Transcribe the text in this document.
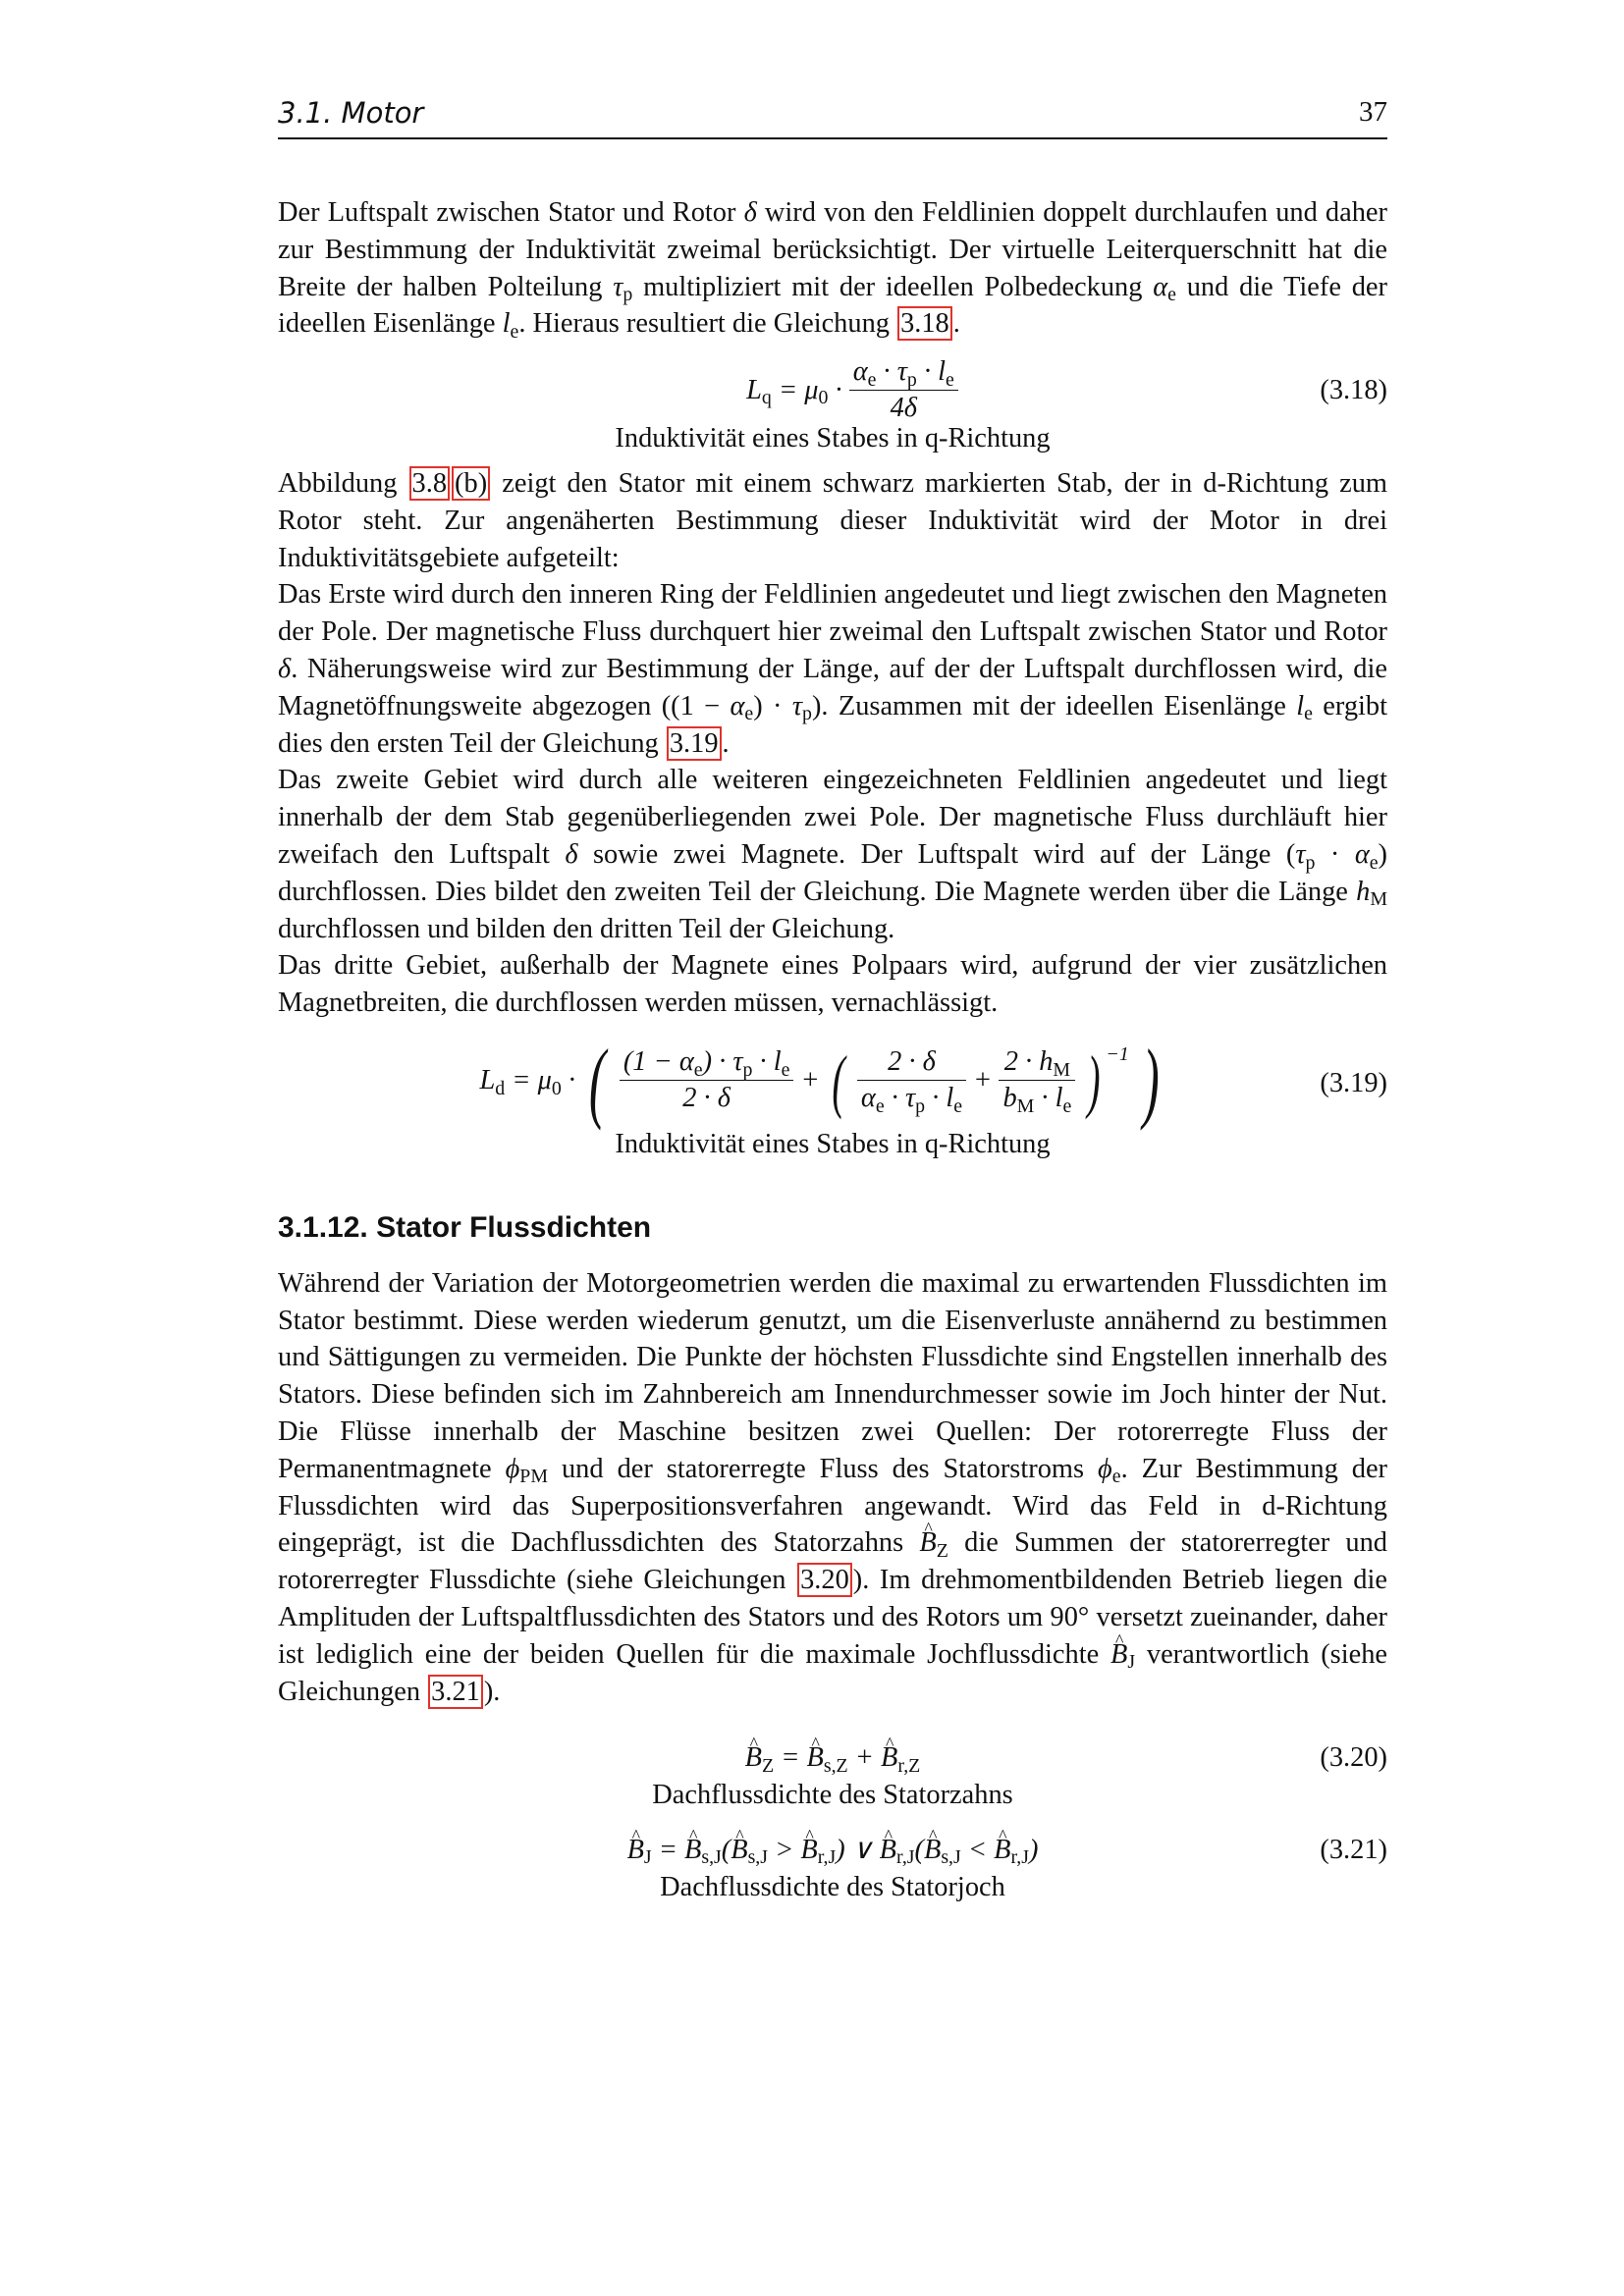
3.1. Motor	37

Der Luftspalt zwischen Stator und Rotor δ wird von den Feldlinien doppelt durchlaufen und daher zur Bestimmung der Induktivität zweimal berücksichtigt. Der virtuelle Leiterquerschnitt hat die Breite der halben Polteilung $\tau_p$ multipliziert mit der ideellen Polbedeckung $\alpha_e$ und die Tiefe der ideellen Eisenlänge $l_e$. Hieraus resultiert die Gleichung 3.18 .

$L_q = \mu_0 \cdot \frac{\alpha_e \cdot \tau_p \cdot l_e}{4\delta}$	(3.18)
Induktivität eines Stabes in q-Richtung

Abbildung 3.8 (b) zeigt den Stator mit einem schwarz markierten Stab, der in d-Richtung zum Rotor steht. Zur angenäherten Bestimmung dieser Induktivität wird der Motor in drei Induktivitätsgebiete aufgeteilt:

Das Erste wird durch den inneren Ring der Feldlinien angedeutet und liegt zwischen den Magneten der Pole. Der magnetische Fluss durchquert hier zweimal den Luftspalt zwischen Stator und Rotor δ. Näherungsweise wird zur Bestimmung der Länge, auf der der Luftspalt durchflossen wird, die Magnetöffnungsweite abgezogen $((1 - \alpha_e) \cdot \tau_p)$. Zusammen mit der ideellen Eisenlänge $l_e$ ergibt dies den ersten Teil der Gleichung 3.19 .

Das zweite Gebiet wird durch alle weiteren eingezeichneten Feldlinien angedeutet und liegt innerhalb der dem Stab gegenüberliegenden zwei Pole. Der magnetische Fluss durchläuft hier zweifach den Luftspalt δ sowie zwei Magnete. Der Luftspalt wird auf der Länge $(\tau_p \cdot \alpha_e)$ durchflossen. Dies bildet den zweiten Teil der Gleichung. Die Magnete werden über die Länge $h_M$ durchflossen und bilden den dritten Teil der Gleichung.

Das dritte Gebiet, außerhalb der Magnete eines Polpaars wird, aufgrund der vier zusätzlichen Magnetbreiten, die durchflossen werden müssen, vernachlässigt.

$L_d = \mu_0$ · ( $\frac{(1 - \alpha_e) \cdot \tau_p \cdot l_e}{2 \cdot \delta}$ + ( $\frac{2 \cdot \delta}{\alpha_e \cdot \tau_p \cdot l_e} + \frac{2 \cdot h_M}{b_M \cdot l_e}$ ) $^{-1}$ )	(3.19)
Induktivität eines Stabes in q-Richtung
3.1.12. Stator Flussdichten

Während der Variation der Motorgeometrien werden die maximal zu erwartenden Flussdichten im Stator bestimmt. Diese werden wiederum genutzt, um die Eisenverluste annähernd zu bestimmen und Sättigungen zu vermeiden. Die Punkte der höchsten Flussdichte sind Engstellen innerhalb des Stators. Diese befinden sich im Zahnbereich am Innendurchmesser sowie im Joch hinter der Nut. Die Flüsse innerhalb der Maschine besitzen zwei Quellen: Der rotorerregte Fluss der Permanentmagnete $\phi_{PM}$ und der statorerregte Fluss des Statorstroms $\phi_e$. Zur Bestimmung der Flussdichten wird das Superpositionsverfahren angewandt. Wird das Feld in d-Richtung eingeprägt, ist die Dachflussdichten des Statorzahns ^ $B_Z$ die Summen der statorerregter und rotorerregter Flussdichte (siehe Gleichungen 3.20 ). Im drehmomentbildenden Betrieb liegen die Amplituden der Luftspaltflussdichten des Stators und des Rotors um 90° versetzt zueinander, daher ist lediglich eine der beiden Quellen für die maximale Jochflussdichte ^ $B_J$ verantwortlich (siehe Gleichungen 3.21 ).

^ $B_Z$ = ^ $B_{s,Z}$ + ^ $B_{r,Z}$	(3.20)
Dachflussdichte des Statorzahns
^ $B_J$ = ^ $B_{s,J}(\^{}$ $B_{s,J}$ > ^ $B_{r,J}$) ∨ ^ $B_{r,J}(\^{}$ $B_{s,J}$ < ^ $B_{r,J}$)	(3.21)
Dachflussdichte des Statorjoch
